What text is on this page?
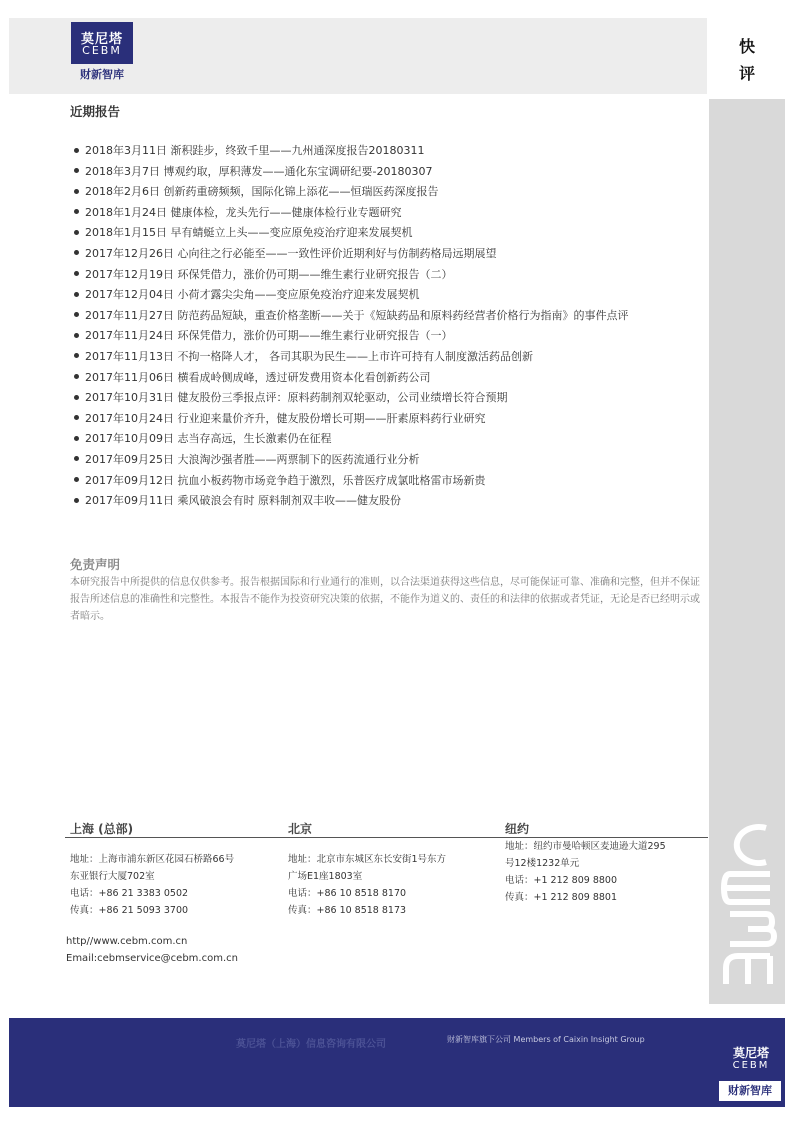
莫尼塔
CEBM
财新智库
快
评
近期报告
2018年3月11日 渐积跬步，终致千里——九州通深度报告20180311
2018年3月7日 博观约取，厚积薄发——通化东宝调研纪要-20180307
2018年2月6日 创新药重磅频频，国际化锦上添花——恒瑞医药深度报告
2018年1月24日 健康体检，龙头先行——健康体检行业专题研究
2018年1月15日 早有蜻蜓立上头——变应原免疫治疗迎来发展契机
2017年12月26日 心向往之行必能至——一致性评价近期利好与仿制药格局远期展望
2017年12月19日 环保凭借力，涨价仍可期——维生素行业研究报告（二）
2017年12月04日 小荷才露尖尖角——变应原免疫治疗迎来发展契机
2017年11月27日 防范药品短缺，重查价格垄断——关于《短缺药品和原料药经营者价格行为指南》的事件点评
2017年11月24日 环保凭借力，涨价仍可期——维生素行业研究报告（一）
2017年11月13日 不拘一格降人才， 各司其职为民生——上市许可持有人制度激活药品创新
2017年11月06日 横看成岭侧成峰，透过研发费用资本化看创新药公司
2017年10月31日 健友股份三季报点评：原料药制剂双轮驱动，公司业绩增长符合预期
2017年10月24日 行业迎来量价齐升，健友股份增长可期——肝素原料药行业研究
2017年10月09日 志当存高远，生长激素仍在征程
2017年09月25日 大浪淘沙强者胜——两票制下的医药流通行业分析
2017年09月12日 抗血小板药物市场竞争趋于激烈，乐普医疗成氯吡格雷市场新贵
2017年09月11日 乘风破浪会有时 原料制剂双丰收——健友股份
免责声明
本研究报告中所提供的信息仅供参考。报告根据国际和行业通行的准则，以合法渠道获得这些信息，尽可能保证可靠、准确和完整，但并不保证报告所述信息的准确性和完整性。本报告不能作为投资研究决策的依据，不能作为道义的、责任的和法律的依据或者凭证，无论是否已经明示或者暗示。
上海 (总部)	北京	纽约
地址：上海市浦东新区花园石桥路66号
东亚银行大厦702室
电话：+86 21 3383 0502
传真：+86 21 5093 3700
地址：北京市东城区东长安街1号东方
广场E1座1803室
电话：+86 10 8518 8170
传真：+86 10 8518 8173
地址：纽约市曼哈顿区麦迪逊大道295
号12楼1232单元
电话：+1 212 809 8800
传真：+1 212 809 8801
http//www.cebm.com.cn
Email:cebmservice@cebm.com.cn
莫尼塔（上海）信息咨询有限公司	财新智库旗下公司 Members of Caixin Insight Group
莫尼塔
CEBM
财新智库
